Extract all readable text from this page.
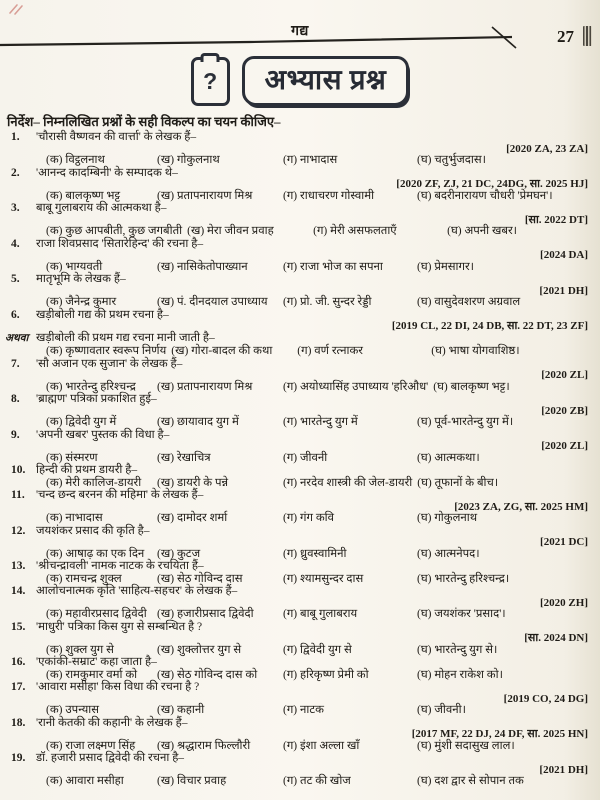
गद्य	27
?	अभ्यास प्रश्न
निर्देश– निम्नलिखित प्रश्नों के सही विकल्प का चयन कीजिए–
1.	'चौरासी वैष्णवन की वार्त्ता' के लेखक हैं–
[2020 ZA, 23 ZA]
(क) विट्ठलनाथ	(ख) गोकुलनाथ	(ग) नाभादास	(घ) चतुर्भुजदास।
2.	'आनन्द कादम्बिनी' के सम्पादक थे–
[2020 ZF, ZJ, 21 DC, 24DG, सा. 2025 HJ]
(क) बालकृष्ण भट्ट	(ख) प्रतापनारायण मिश्र	(ग) राधाचरण गोस्वामी	(घ) बदरीनारायण चौधरी 'प्रेमघन'।
3.	बाबू गुलाबराय की आत्मकथा है–
[सा. 2022 DT]
(क) कुछ आपबीती, कुछ जगबीती (ख) मेरा जीवन प्रवाह	(ग) मेरी असफलताएँ	(घ) अपनी खबर।
4.	राजा शिवप्रसाद 'सितारेहिन्द' की रचना है–
[2024 DA]
(क) भाग्यवती	(ख) नासिकेतोपाख्यान	(ग) राजा भोज का सपना	(घ) प्रेमसागर।
5.	मातृभूमि के लेखक हैं–
[2021 DH]
(क) जैनेन्द्र कुमार	(ख) पं. दीनदयाल उपाध्याय	(ग) प्रो. जी. सुन्दर रेड्डी	(घ) वासुदेवशरण अग्रवाल
6.	खड़ीबोली गद्य की प्रथम रचना है–
[2019 CL, 22 DI, 24 DB, सा. 22 DT, 23 ZF]
अथवा खड़ीबोली की प्रथम गद्य रचना मानी जाती है–
(क) कृष्णावतार स्वरूप निर्णय (ख) गोरा-बादल की कथा	(ग) वर्ण रत्नाकर	(घ) भाषा योगवाशिष्ठ।
7.	'सौ अजान एक सुजान' के लेखक हैं–
[2020 ZL]
(क) भारतेन्दु हरिश्चन्द्र	(ख) प्रतापनारायण मिश्र	(ग) अयोध्यासिंह उपाध्याय 'हरिऔध' (घ) बालकृष्ण भट्ट।
8.	'ब्राह्मण' पत्रिका प्रकाशित हुई–
[2020 ZB]
(क) द्विवेदी युग में	(ख) छायावाद युग में	(ग) भारतेन्दु युग में	(घ) पूर्व-भारतेन्दु युग में।
9.	'अपनी खबर' पुस्तक की विधा है–
[2020 ZL]
(क) संस्मरण	(ख) रेखाचित्र	(ग) जीवनी	(घ) आत्मकथा।
10. हिन्दी की प्रथम डायरी है–
(क) मेरी कालिज-डायरी	(ख) डायरी के पन्ने	(ग) नरदेव शास्त्री की जेल-डायरी (घ) तूफानों के बीच।
11. 'चन्द छन्द बरनन की महिमा' के लेखक हैं–
[2023 ZA, ZG, सा. 2025 HM]
(क) नाभादास	(ख) दामोदर शर्मा	(ग) गंग कवि	(घ) गोकुलनाथ
12. जयशंकर प्रसाद की कृति है–
[2021 DC]
(क) आषाढ़ का एक दिन	(ख) कुटज	(ग) ध्रुवस्वामिनी	(घ) आत्मनेपद।
13. 'श्रीचन्द्रावली' नामक नाटक के रचयिता हैं–
(क) रामचन्द्र शुक्ल	(ख) सेठ गोविन्द दास	(ग) श्यामसुन्दर दास	(घ) भारतेन्दु हरिश्चन्द्र।
14. आलोचनात्मक कृति 'साहित्य-सहचर' के लेखक हैं–
[2020 ZH]
(क) महावीरप्रसाद द्विवेदी (ख) हजारीप्रसाद द्विवेदी	(ग) बाबू गुलाबराय	(घ) जयशंकर 'प्रसाद'।
15. 'माधुरी' पत्रिका किस युग से सम्बन्धित है ?
[सा. 2024 DN]
(क) शुक्ल युग से	(ख) शुक्लोत्तर युग से	(ग) द्विवेदी युग से	(घ) भारतेन्दु युग से।
16. 'एकांकी-सम्राट' कहा जाता है–
(क) रामकुमार वर्मा को	(ख) सेठ गोविन्द दास को	(ग) हरिकृष्ण प्रेमी को	(घ) मोहन राकेश को।
17. 'आवारा मसीहा' किस विधा की रचना है ?
[2019 CO, 24 DG]
(क) उपन्यास	(ख) कहानी	(ग) नाटक	(घ) जीवनी।
18. 'रानी केतकी की कहानी' के लेखक हैं–
[2017 MF, 22 DJ, 24 DF, सा. 2025 HN]
(क) राजा लक्ष्मण सिंह	(ख) श्रद्धाराम फिल्लौरी	(ग) इंशा अल्ला खाँ	(घ) मुंशी सदासुख लाल।
19. डॉ. हजारी प्रसाद द्विवेदी की रचना है–
[2021 DH]
(क) आवारा मसीहा	(ख) विचार प्रवाह	(ग) तट की खोज	(घ) दश द्वार से सोपान तक
